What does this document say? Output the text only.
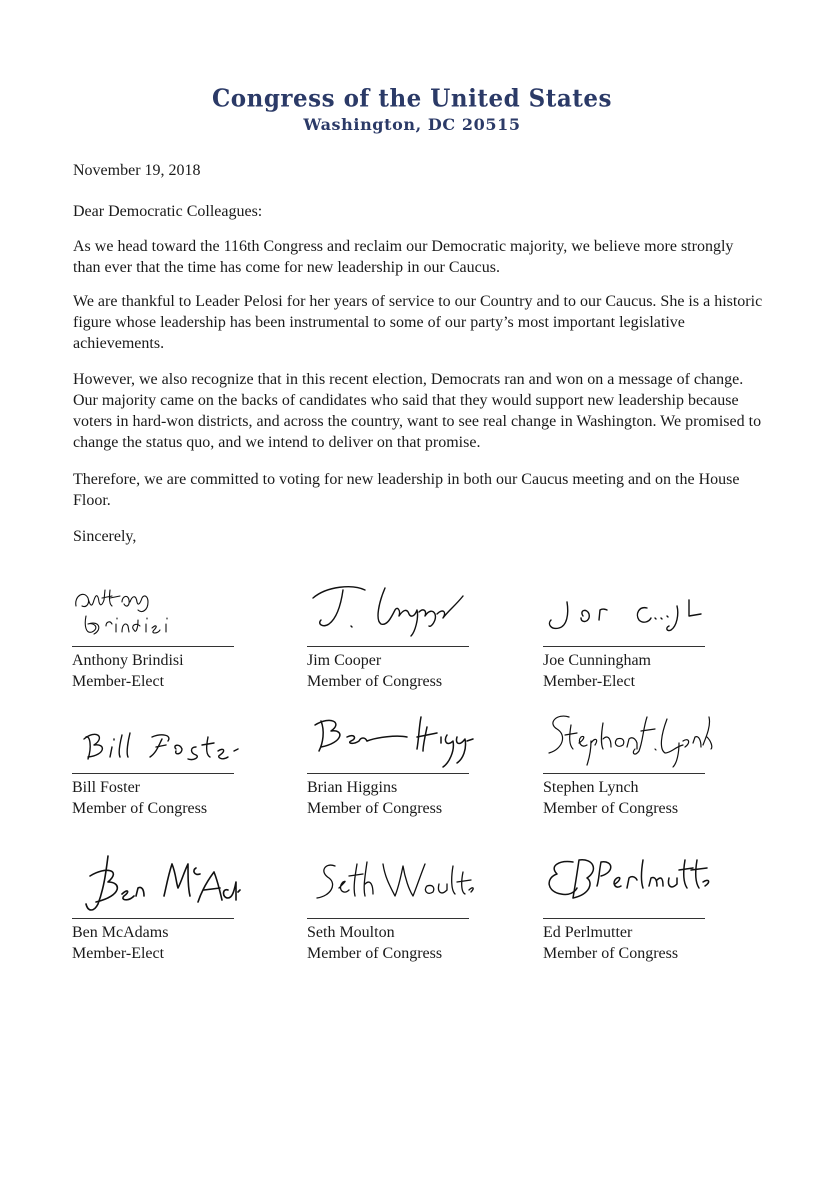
Congress of the United States
Washington, DC 20515

November 19, 2018

Dear Democratic Colleagues:

As we head toward the 116th Congress and reclaim our Democratic majority, we believe more strongly than ever that the time has come for new leadership in our Caucus.

We are thankful to Leader Pelosi for her years of service to our Country and to our Caucus. She is a historic figure whose leadership has been instrumental to some of our party’s most important legislative achievements.

However, we also recognize that in this recent election, Democrats ran and won on a message of change. Our majority came on the backs of candidates who said that they would support new leadership because voters in hard-won districts, and across the country, want to see real change in Washington. We promised to change the status quo, and we intend to deliver on that promise.

Therefore, we are committed to voting for new leadership in both our Caucus meeting and on the House Floor.

Sincerely,

Anthony Brindisi
Member-Elect
Jim Cooper
Member of Congress
Joe Cunningham
Member-Elect
Bill Foster
Member of Congress
Brian Higgins
Member of Congress
Stephen Lynch
Member of Congress
Ben McAdams
Member-Elect
Seth Moulton
Member of Congress
Ed Perlmutter
Member of Congress
